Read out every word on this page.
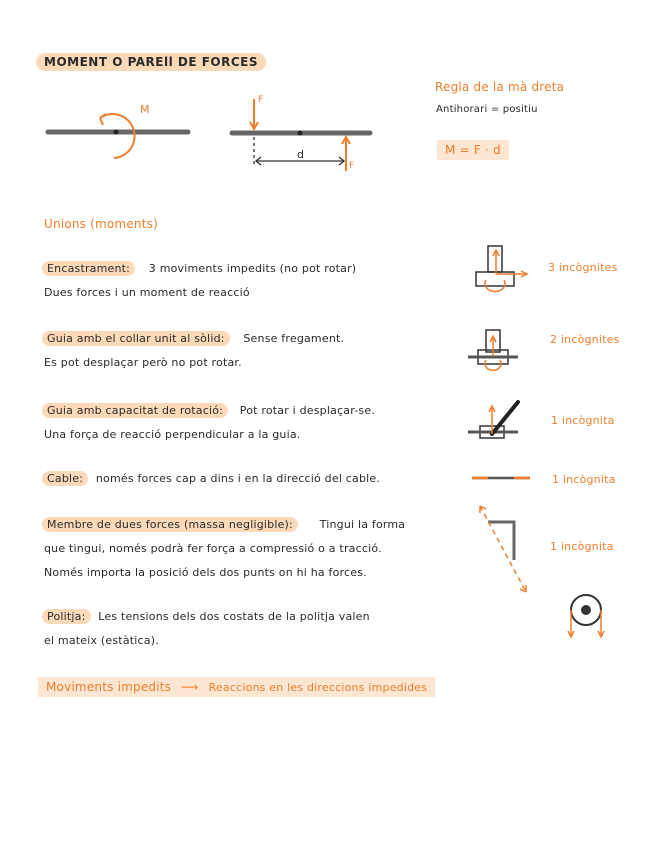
MOMENT O PAREll DE FORCES
M
F
F
d
Regla de la mà dreta
Antihorari = positiu
M = F · d
Unions (moments)
Encastrament: 3 moviments impedits (no pot rotar)
Dues forces i un moment de reacció
3 incògnites
Guia amb el collar unit al sòlid: Sense fregament.
Es pot desplaçar però no pot rotar.
2 incògnites
Guia amb capacitat de rotació: Pot rotar i desplaçar-se.
Una força de reacció perpendicular a la guia.
1 incògnita
Cable: només forces cap a dins i en la direcció del cable.	1 incògnita
Membre de dues forces (massa negligible): Tingui la forma
que tingui, només podrà fer força a compressió o a tracció.
Només importa la posició dels dos punts on hi ha forces.
1 incògnita
Politja: Les tensions dels dos costats de la politja valen
el mateix (estàtica).
Moviments impedits ⟶ Reaccions en les direccions impedides
